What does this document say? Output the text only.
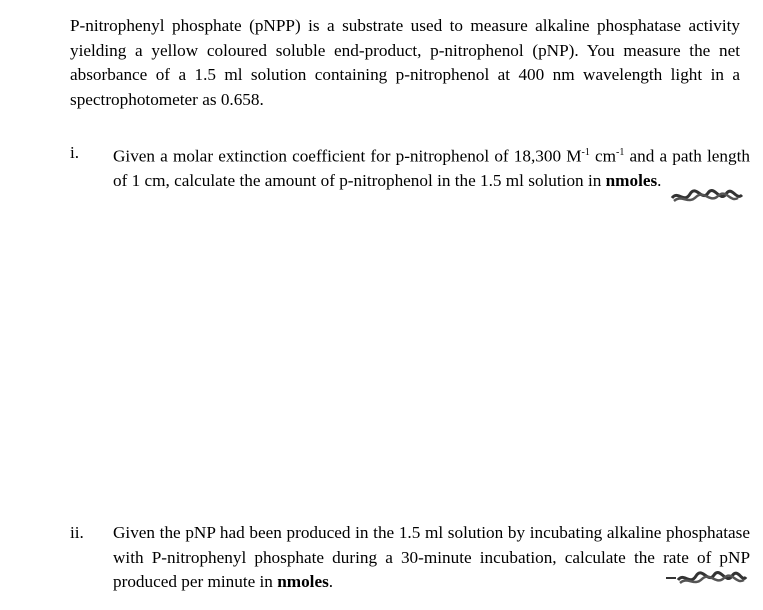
P-nitrophenyl phosphate (pNPP) is a substrate used to measure alkaline phosphatase activity yielding a yellow coloured soluble end-product, p-nitrophenol (pNP). You measure the net absorbance of a 1.5 ml solution containing p-nitrophenol at 400 nm wavelength light in a spectrophotometer as 0.658.

i. Given a molar extinction coefficient for p-nitrophenol of 18,300 $M^{-1}$ $cm^{-1}$ and a path length of 1 cm, calculate the amount of p-nitrophenol in the 1.5 ml solution in nmoles.
ii. Given the pNP had been produced in the 1.5 ml solution by incubating alkaline phosphatase with P-nitrophenyl phosphate during a 30-minute incubation, calculate the rate of pNP produced per minute in nmoles.
